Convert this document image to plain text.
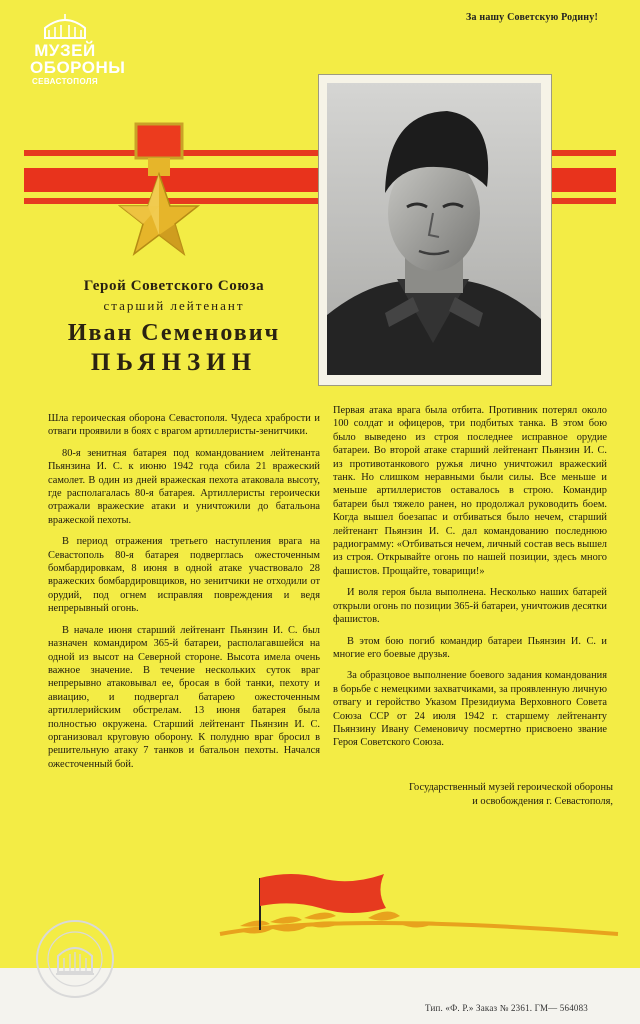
За нашу Советскую Родину!
МУЗЕЙ
ОБОРОНЫ
СЕВАСТОПОЛЯ
Герой Советского Союза
старший лейтенант
Иван Семенович
ПЬЯНЗИН

Шла героическая оборона Севастополя. Чудеса храбрости и отваги проявили в боях с врагом артиллеристы-зенитчики.

80-я зенитная батарея под командованием лейтенанта Пьянзина И. С. к июню 1942 года сбила 21 вражеский самолет. В один из дней вражеская пехота атаковала высоту, где располагалась 80-я батарея. Артиллеристы героически отражали вражеские атаки и уничтожили до батальона вражеской пехоты.

В период отражения третьего наступления врага на Севастополь 80-я батарея подверглась ожесточенным бомбардировкам, 8 июня в одной атаке участвовало 28 вражеских бомбардировщиков, но зенитчики не отходили от орудий, под огнем исправляя повреждения и ведя непрерывный огонь.

В начале июня старший лейтенант Пьянзин И. С. был назначен командиром 365-й батареи, располагавшейся на одной из высот на Северной стороне. Высота имела очень важное значение. В течение нескольких суток враг непрерывно атаковывал ее, бросая в бой танки, пехоту и авиацию, и подвергал батарею ожесточенным артиллерийским обстрелам. 13 июня батарея была полностью окружена. Старший лейтенант Пьянзин И. С. организовал круговую оборону. К полудню враг бросил в решительную атаку 7 танков и батальон пехоты. Начался ожесточенный бой.

Первая атака врага была отбита. Противник потерял около 100 солдат и офицеров, три подбитых танка. В этом бою было выведено из строя последнее исправное орудие батареи. Во второй атаке старший лейтенант Пьянзин И. С. из противотанкового ружья лично уничтожил вражеский танк. Но слишком неравными были силы. Все меньше и меньше артиллеристов оставалось в строю. Командир батареи был тяжело ранен, но продолжал руководить боем. Когда вышел боезапас и отбиваться было нечем, старший лейтенант Пьянзин И. С. дал командованию последнюю радиограмму: «Отбиваться нечем, личный состав весь вышел из строя. Открывайте огонь по нашей позиции, здесь много фашистов. Прощайте, товарищи!»

И воля героя была выполнена. Несколько наших батарей открыли огонь по позиции 365-й батареи, уничтожив десятки фашистов.

В этом бою погиб командир батареи Пьянзин И. С. и многие его боевые друзья.

За образцовое выполнение боевого задания командования в борьбе с немецкими захватчиками, за проявленную личную отвагу и геройство Указом Президиума Верховного Совета Союза ССР от 24 июля 1942 г. старшему лейтенанту Пьянзину Ивану Семеновичу посмертно присвоено звание Героя Советского Союза.

Государственный музей героической обороны
и освобождения г. Севастополя,
Тип. «Ф. Р.» Заказ № 2361. ГМ— 564083
